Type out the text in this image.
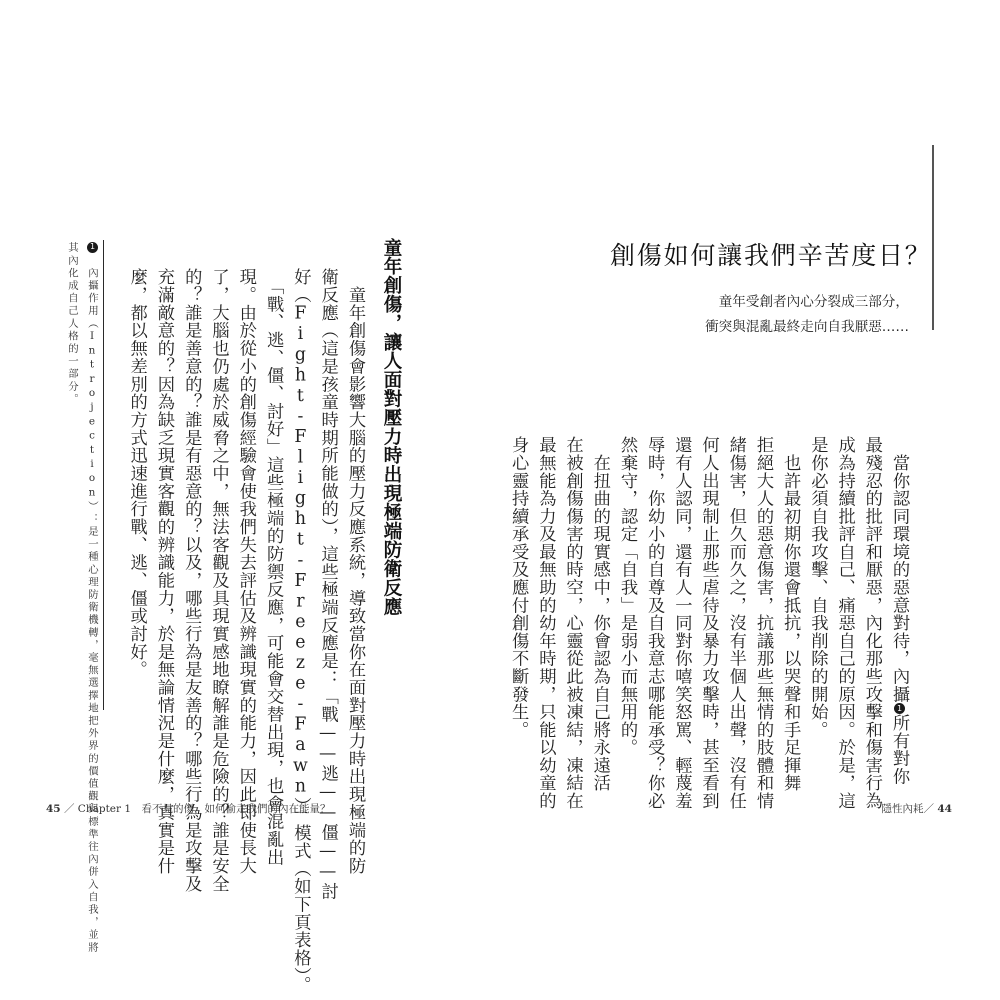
童年創傷，讓人面對壓力時出現極端防衛反應
　童年創傷會影響大腦的壓力反應系統，導致當你在面對壓力時出現極端的防
衛反應（這是孩童時期所能做的），這些極端反應是：「戰——逃——僵——討
好（Fight-Flight-Freeze-Fawn）」模式（如下頁表格）。
　「戰、逃、僵、討好」這些極端的防禦反應，可能會交替出現，也會混亂出
現。由於從小的創傷經驗會使我們失去評估及辨識現實的能力，因此即使長大
了，大腦也仍處於威脅之中，無法客觀及具現實感地瞭解誰是危險的？誰是安全
的？誰是善意的？誰是有惡意的？以及，哪些行為是友善的？哪些行為是攻擊及
充滿敵意的？因為缺乏現實客觀的辨識能力，於是無論情況是什麼，真實是什
麼，都以無差別的方式迅速進行戰、逃、僵或討好。
1 內攝作用（Introjection）：是一種心理防衛機轉，毫無選擇地把外界的價值觀與標準往內併入自我，並將
其內化成自己人格的一部分。
45 ／ Chapter 1　看不見的傷，如何偷走我們的內在能量？
創傷如何讓我們辛苦度日？
童年受創者內心分裂成三部分，
衝突與混亂最終走向自我厭惡……
　當你認同環境的惡意對待，內攝1所有對你
最殘忍的批評和厭惡，內化那些攻擊和傷害行為
成為持續批評自己、痛惡自己的原因。於是，這
是你必須自我攻擊、自我削除的開始。
　也許最初期你還會抵抗，以哭聲和手足揮舞
拒絕大人的惡意傷害，抗議那些無情的肢體和情
緒傷害，但久而久之，沒有半個人出聲，沒有任
何人出現制止那些虐待及暴力攻擊時，甚至看到
還有人認同，還有人一同對你嘻笑怒罵、輕蔑羞
辱時，你幼小的自尊及自我意志哪能承受？你必
然棄守，認定「自我」是弱小而無用的。
　在扭曲的現實感中，你會認為自己將永遠活
在被創傷傷害的時空，心靈從此被凍結，凍結在
最無能為力及最無助的幼年時期，只能以幼童的
身心靈持續承受及應付創傷不斷發生。
隱性內耗／ 44
